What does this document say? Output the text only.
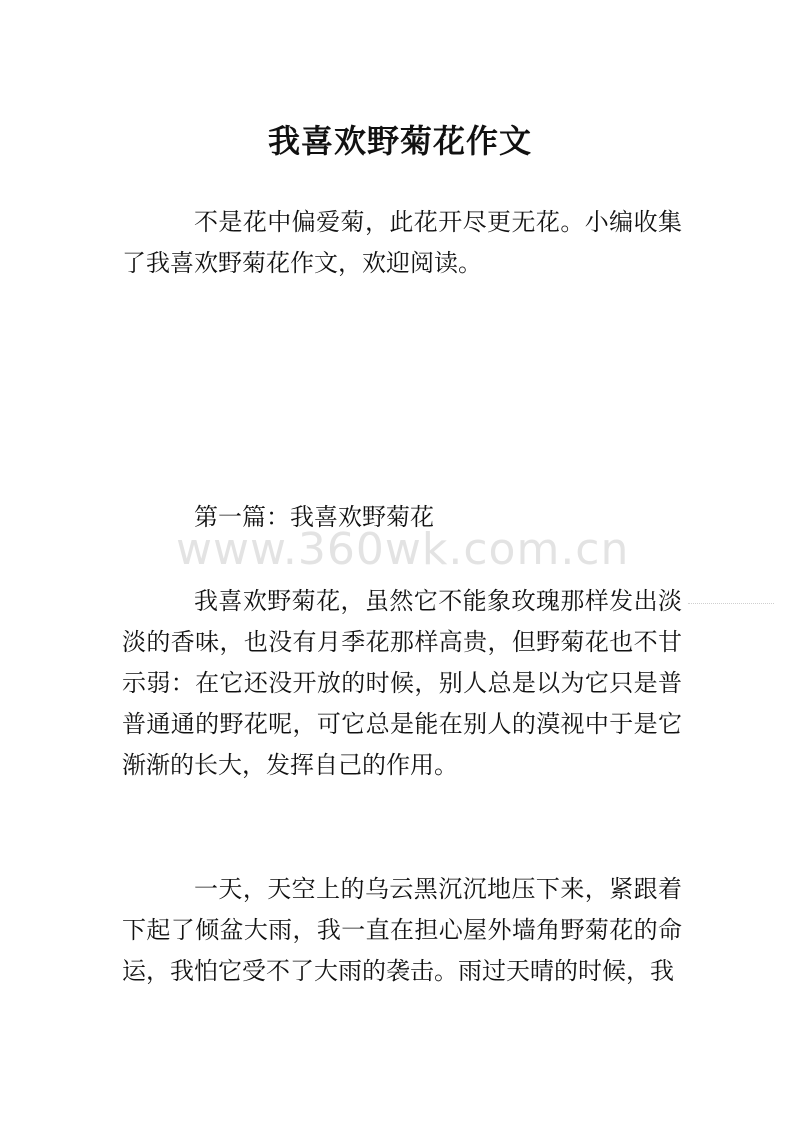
我喜欢野菊花作文

不是花中偏爱菊，此花开尽更无花。小编收集了我喜欢野菊花作文，欢迎阅读。

第一篇：我喜欢野菊花

www.360wk.com.cn

我喜欢野菊花，虽然它不能象玫瑰那样发出淡淡的香味，也没有月季花那样高贵，但野菊花也不甘示弱：在它还没开放的时候，别人总是以为它只是普普通通的野花呢，可它总是能在别人的漠视中于是它渐渐的长大，发挥自己的作用。

一天，天空上的乌云黑沉沉地压下来，紧跟着下起了倾盆大雨，我一直在担心屋外墙角野菊花的命运，我怕它受不了大雨的袭击。雨过天晴的时候，我
